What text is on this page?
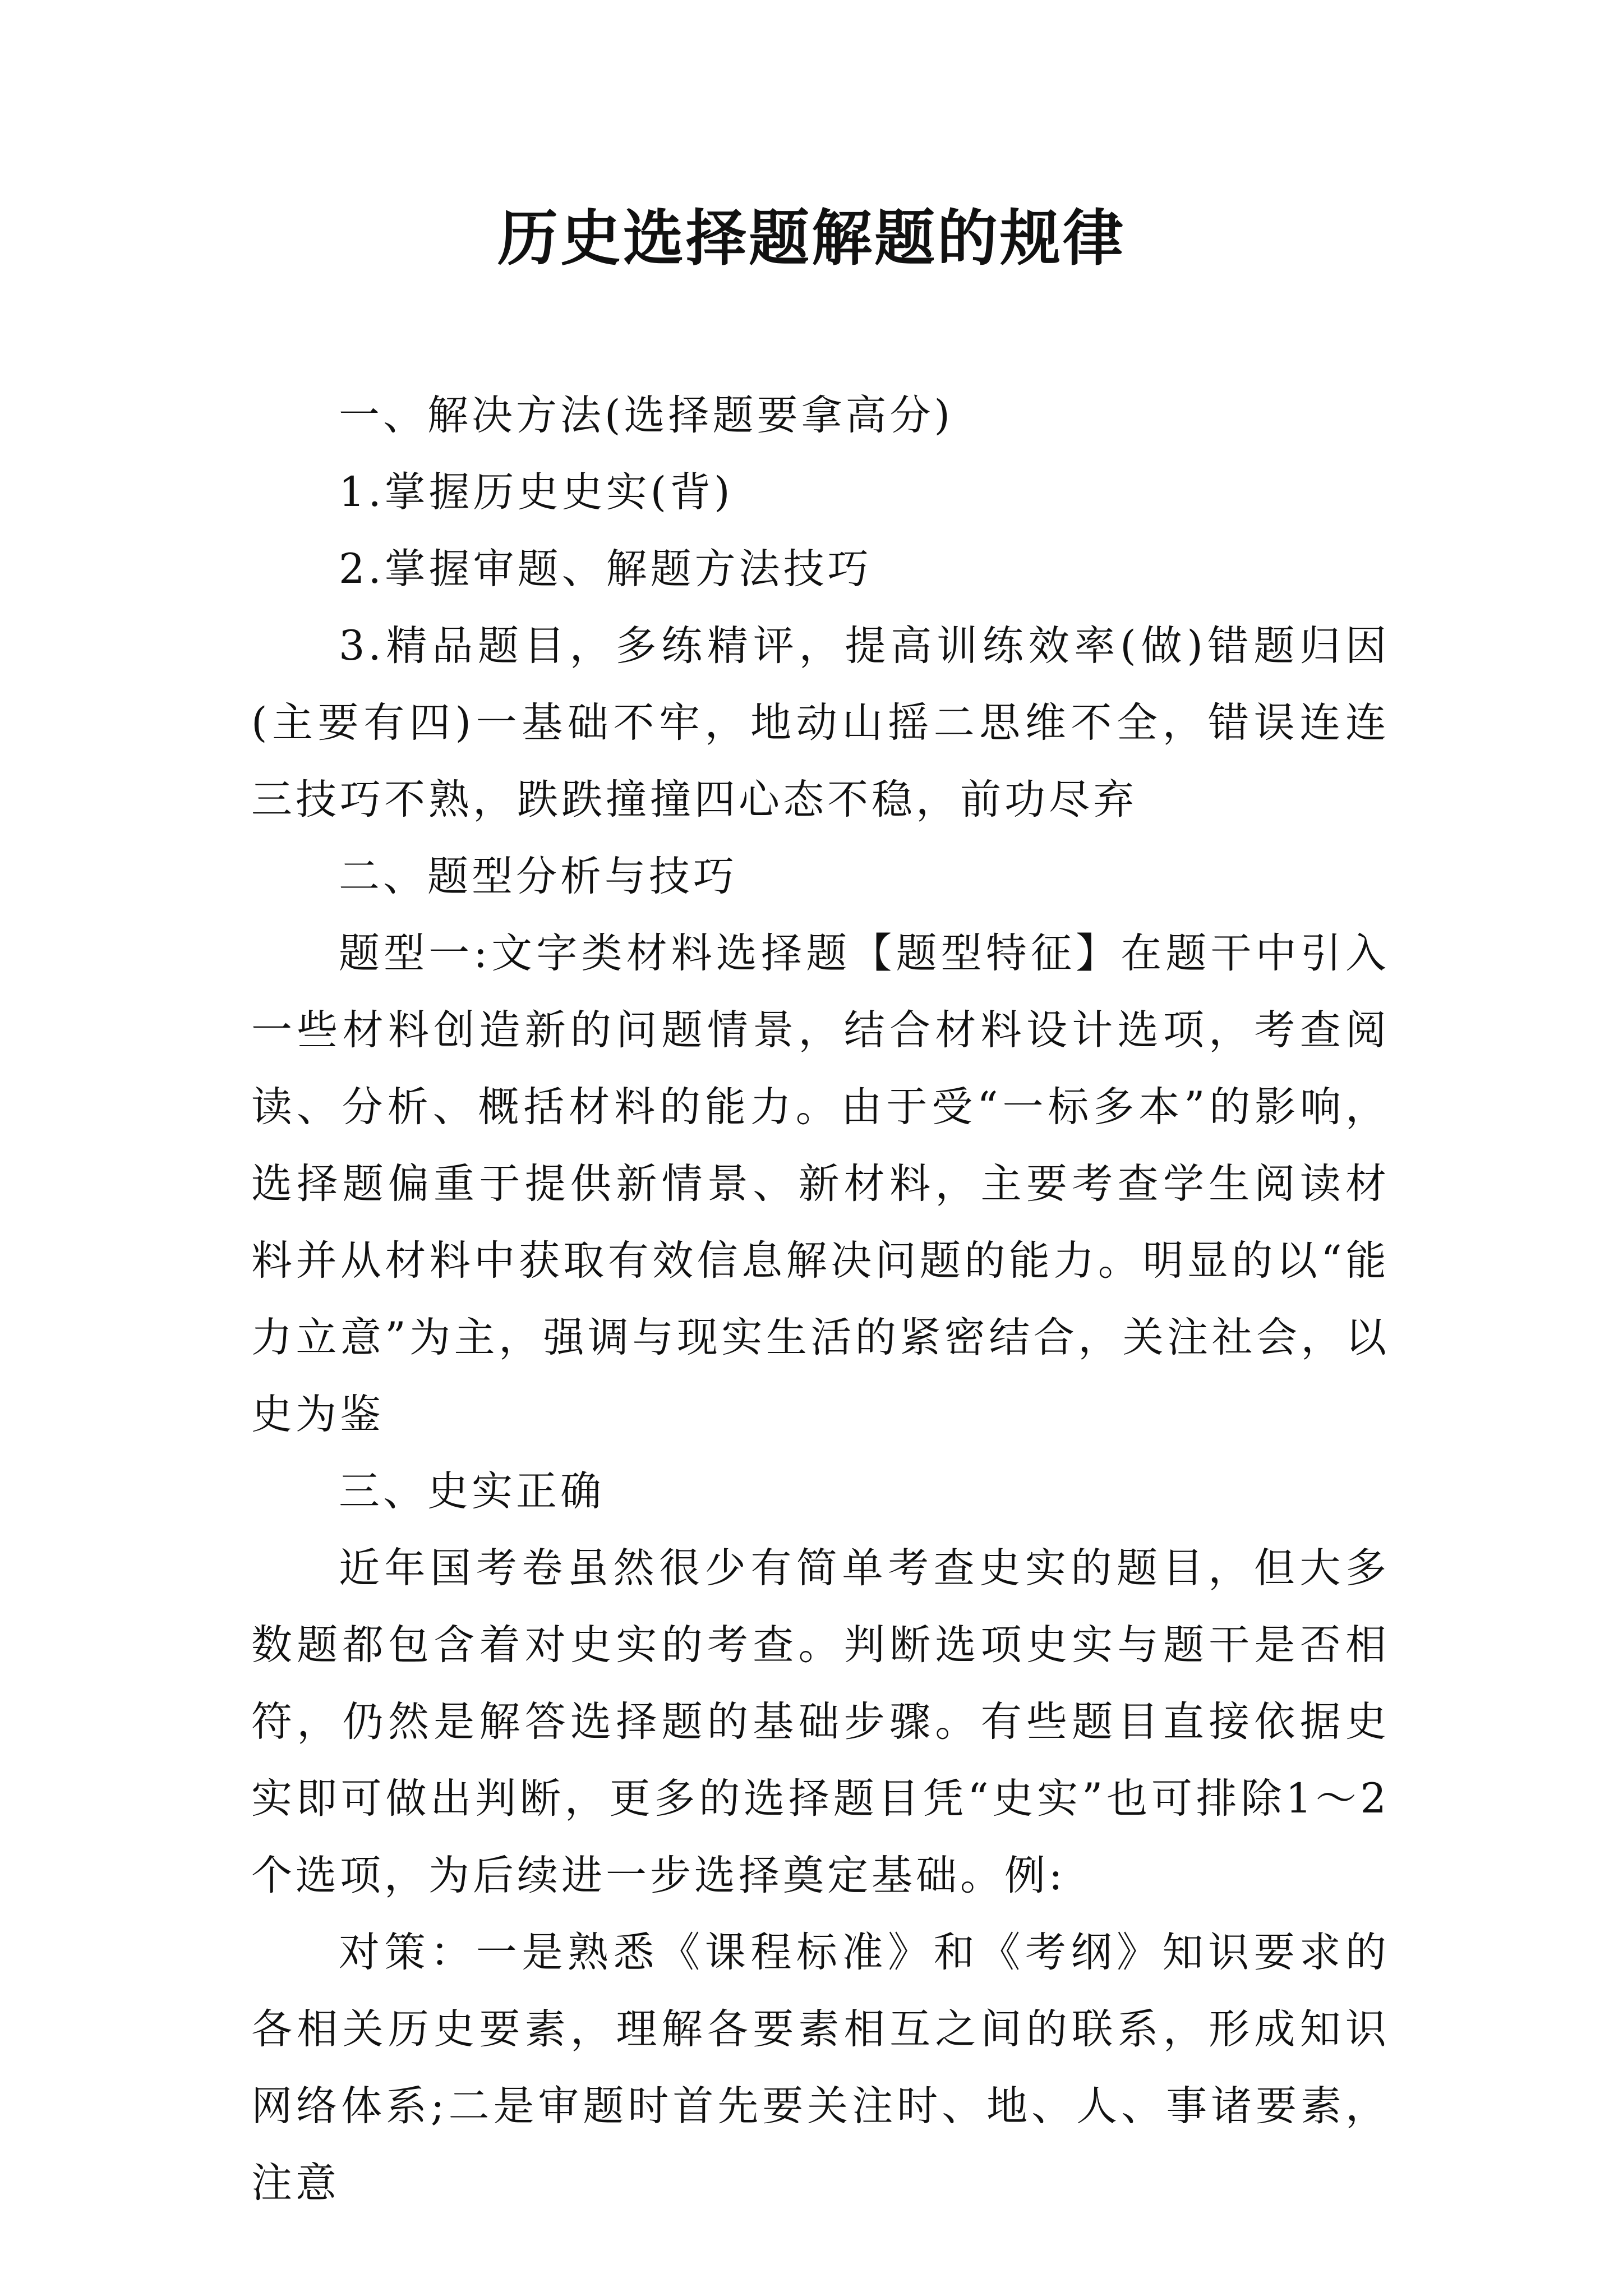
历史选择题解题的规律

一、解决方法(选择题要拿高分)

1.掌握历史史实(背)

2.掌握审题、解题方法技巧

3.精品题目，多练精评，提高训练效率(做)错题归因(主要有四)一基础不牢，地动山摇二思维不全，错误连连三技巧不熟，跌跌撞撞四心态不稳，前功尽弃

二、题型分析与技巧

题型一:文字类材料选择题【题型特征】在题干中引入一些材料创造新的问题情景，结合材料设计选项，考查阅读、分析、概括材料的能力。由于受“一标多本”的影响，选择题偏重于提供新情景、新材料，主要考查学生阅读材料并从材料中获取有效信息解决问题的能力。明显的以“能力立意”为主，强调与现实生活的紧密结合，关注社会，以史为鉴

三、史实正确

近年国考卷虽然很少有简单考查史实的题目，但大多数题都包含着对史实的考查。判断选项史实与题干是否相符，仍然是解答选择题的基础步骤。有些题目直接依据史实即可做出判断，更多的选择题目凭“史实”也可排除1～2个选项，为后续进一步选择奠定基础。例:

对策：一是熟悉《课程标准》和《考纲》知识要求的各相关历史要素，理解各要素相互之间的联系，形成知识网络体系;二是审题时首先要关注时、地、人、事诸要素，注意
